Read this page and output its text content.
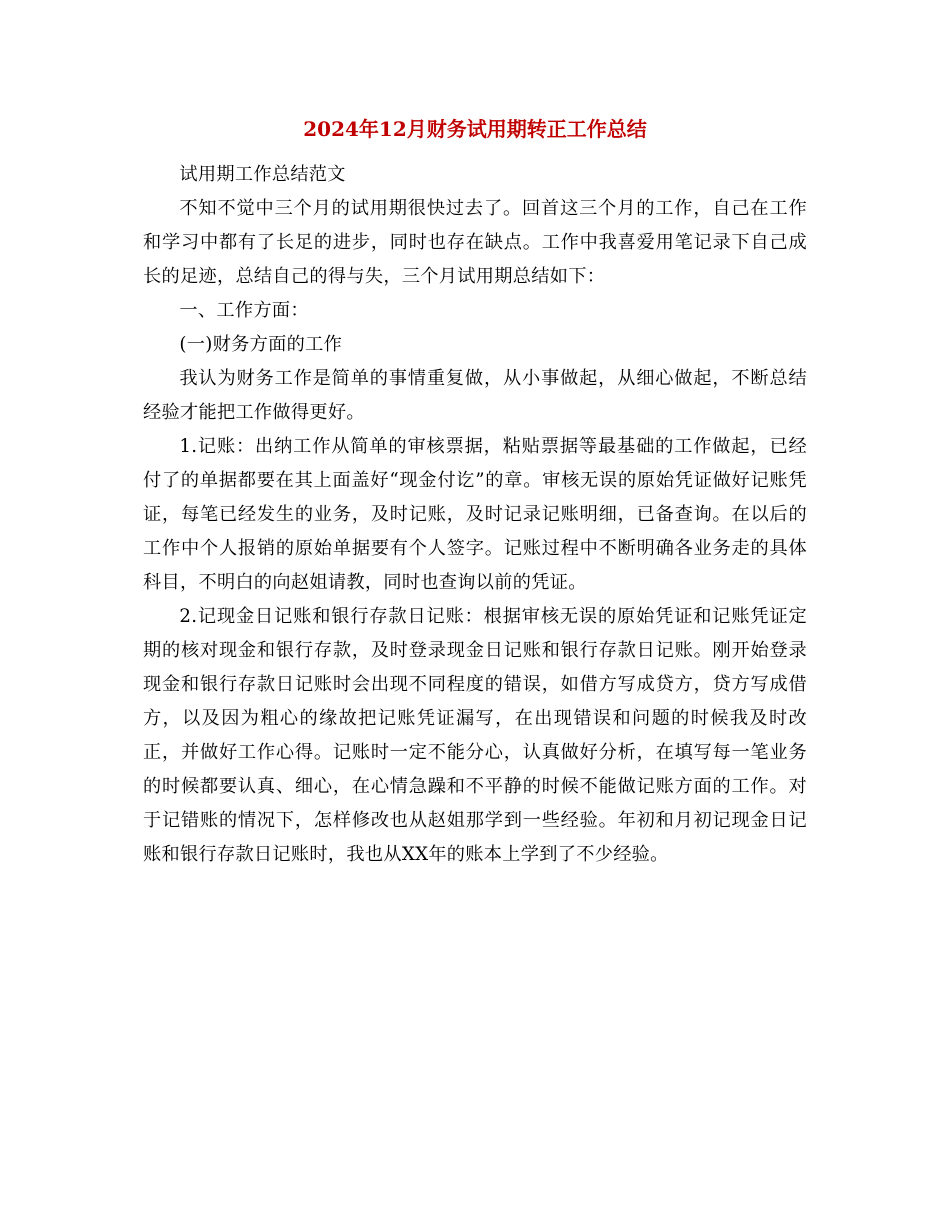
2024年12月财务试用期转正工作总结

试用期工作总结范文

不知不觉中三个月的试用期很快过去了。回首这三个月的工作，自己在工作和学习中都有了长足的进步，同时也存在缺点。工作中我喜爱用笔记录下自己成长的足迹，总结自己的得与失，三个月试用期总结如下：

一、工作方面：

(一)财务方面的工作

我认为财务工作是简单的事情重复做，从小事做起，从细心做起，不断总结经验才能把工作做得更好。

1.记账：出纳工作从简单的审核票据，粘贴票据等最基础的工作做起，已经付了的单据都要在其上面盖好“现金付讫”的章。审核无误的原始凭证做好记账凭证，每笔已经发生的业务，及时记账，及时记录记账明细，已备查询。在以后的工作中个人报销的原始单据要有个人签字。记账过程中不断明确各业务走的具体科目，不明白的向赵姐请教，同时也查询以前的凭证。

2.记现金日记账和银行存款日记账：根据审核无误的原始凭证和记账凭证定期的核对现金和银行存款，及时登录现金日记账和银行存款日记账。刚开始登录现金和银行存款日记账时会出现不同程度的错误，如借方写成贷方，贷方写成借方，以及因为粗心的缘故把记账凭证漏写，在出现错误和问题的时候我及时改正，并做好工作心得。记账时一定不能分心，认真做好分析，在填写每一笔业务的时候都要认真、细心，在心情急躁和不平静的时候不能做记账方面的工作。对于记错账的情况下，怎样修改也从赵姐那学到一些经验。年初和月初记现金日记账和银行存款日记账时，我也从XX年的账本上学到了不少经验。
